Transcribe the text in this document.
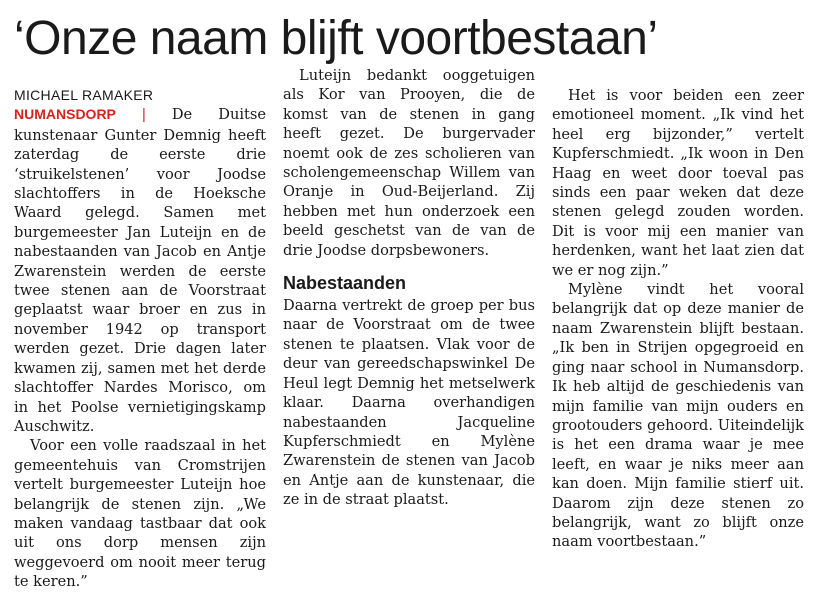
‘Onze naam blijft voortbestaan’
MICHAEL RAMAKER

NUMANSDORP | De Duitse kunstenaar Gunter Demnig heeft zaterdag de eerste drie ‘struikelstenen’ voor Joodse slachtoffers in de Hoeksche Waard gelegd. Samen met burgemeester Jan Luteijn en de nabestaanden van Jacob en Antje Zwarenstein werden de eerste twee stenen aan de Voorstraat geplaatst waar broer en zus in november 1942 op transport werden gezet. Drie dagen later kwamen zij, samen met het derde slachtoffer Nardes Morisco, om in het Poolse vernietigingskamp Auschwitz.

Voor een volle raadszaal in het gemeentehuis van Cromstrijen vertelt burgemeester Luteijn hoe belangrijk de stenen zijn. „We maken vandaag tastbaar dat ook uit ons dorp mensen zijn weggevoerd om nooit meer terug te keren.”

Luteijn bedankt ooggetuigen als Kor van Prooyen, die de komst van de stenen in gang heeft gezet. De burgervader noemt ook de zes scholieren van scholengemeenschap Willem van Oranje in Oud-Beijerland. Zij hebben met hun onderzoek een beeld geschetst van de van de drie Joodse dorpsbewoners.

Nabestaanden

Daarna vertrekt de groep per bus naar de Voorstraat om de twee stenen te plaatsen. Vlak voor de deur van gereedschapswinkel De Heul legt Demnig het metselwerk klaar. Daarna overhandigen nabestaanden Jacqueline Kupferschmiedt en Mylène Zwarenstein de stenen van Jacob en Antje aan de kunstenaar, die ze in de straat plaatst.

Het is voor beiden een zeer emotioneel moment. „Ik vind het heel erg bijzonder,” vertelt Kupferschmiedt. „Ik woon in Den Haag en weet door toeval pas sinds een paar weken dat deze stenen gelegd zouden worden. Dit is voor mij een manier van herdenken, want het laat zien dat we er nog zijn.”

Mylène vindt het vooral belangrijk dat op deze manier de naam Zwarenstein blijft bestaan. „Ik ben in Strijen opgegroeid en ging naar school in Numansdorp. Ik heb altijd de geschiedenis van mijn familie van mijn ouders en grootouders gehoord. Uiteindelijk is het een drama waar je mee leeft, en waar je niks meer aan kan doen. Mijn familie stierf uit. Daarom zijn deze stenen zo belangrijk, want zo blijft onze naam voortbestaan.”
